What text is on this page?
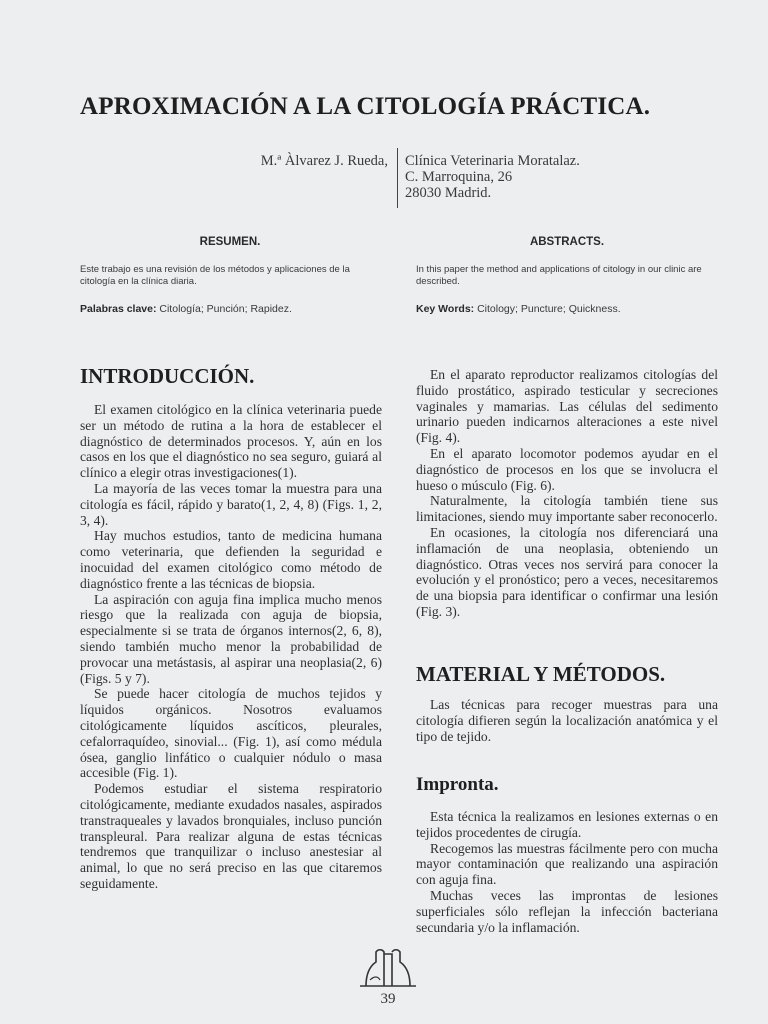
APROXIMACIÓN A LA CITOLOGÍA PRÁCTICA.
M.ª Àlvarez J. Rueda, Clínica Veterinaria Moratalaz.
C. Marroquina, 26
28030 Madrid.
RESUMEN.
Este trabajo es una revisión de los métodos y aplicaciones de la citología en la clínica diaria.
Palabras clave: Citología; Punción; Rapidez.
ABSTRACTS.
In this paper the method and applications of citology in our clinic are described.
Key Words: Citology; Puncture; Quickness.
INTRODUCCIÓN.

El examen citológico en la clínica veterinaria puede ser un método de rutina a la hora de establecer el diagnóstico de determinados procesos. Y, aún en los casos en los que el diagnóstico no sea seguro, guiará al clínico a elegir otras investigaciones(1).

La mayoría de las veces tomar la muestra para una citología es fácil, rápido y barato(1, 2, 4, 8) (Figs. 1, 2, 3, 4).

Hay muchos estudios, tanto de medicina humana como veterinaria, que defienden la seguridad e inocuidad del examen citológico como método de diagnóstico frente a las técnicas de biopsia.

La aspiración con aguja fina implica mucho menos riesgo que la realizada con aguja de biopsia, especialmente si se trata de órganos internos(2, 6, 8), siendo también mucho menor la probabilidad de provocar una metástasis, al aspirar una neoplasia(2, 6) (Figs. 5 y 7).

Se puede hacer citología de muchos tejidos y líquidos orgánicos. Nosotros evaluamos citológicamente líquidos ascíticos, pleurales, cefalorraquídeo, sinovial... (Fig. 1), así como médula ósea, ganglio linfático o cualquier nódulo o masa accesible (Fig. 1).

Podemos estudiar el sistema respiratorio citológicamente, mediante exudados nasales, aspirados transtraqueales y lavados bronquiales, incluso punción transpleural. Para realizar alguna de estas técnicas tendremos que tranquilizar o incluso anestesiar al animal, lo que no será preciso en las que citaremos seguidamente.

En el aparato reproductor realizamos citologías del fluido prostático, aspirado testicular y secreciones vaginales y mamarias. Las células del sedimento urinario pueden indicarnos alteraciones a este nivel (Fig. 4).

En el aparato locomotor podemos ayudar en el diagnóstico de procesos en los que se involucra el hueso o músculo (Fig. 6).

Naturalmente, la citología también tiene sus limitaciones, siendo muy importante saber reconocerlo.

En ocasiones, la citología nos diferenciará una inflamación de una neoplasia, obteniendo un diagnóstico. Otras veces nos servirá para conocer la evolución y el pronóstico; pero a veces, necesitaremos de una biopsia para identificar o confirmar una lesión (Fig. 3).

MATERIAL Y MÉTODOS.

Las técnicas para recoger muestras para una citología difieren según la localización anatómica y el tipo de tejido.

Impronta.

Esta técnica la realizamos en lesiones externas o en tejidos procedentes de cirugía.

Recogemos las muestras fácilmente pero con mucha mayor contaminación que realizando una aspiración con aguja fina.

Muchas veces las improntas de lesiones superficiales sólo reflejan la infección bacteriana secundaria y/o la inflamación.

39
